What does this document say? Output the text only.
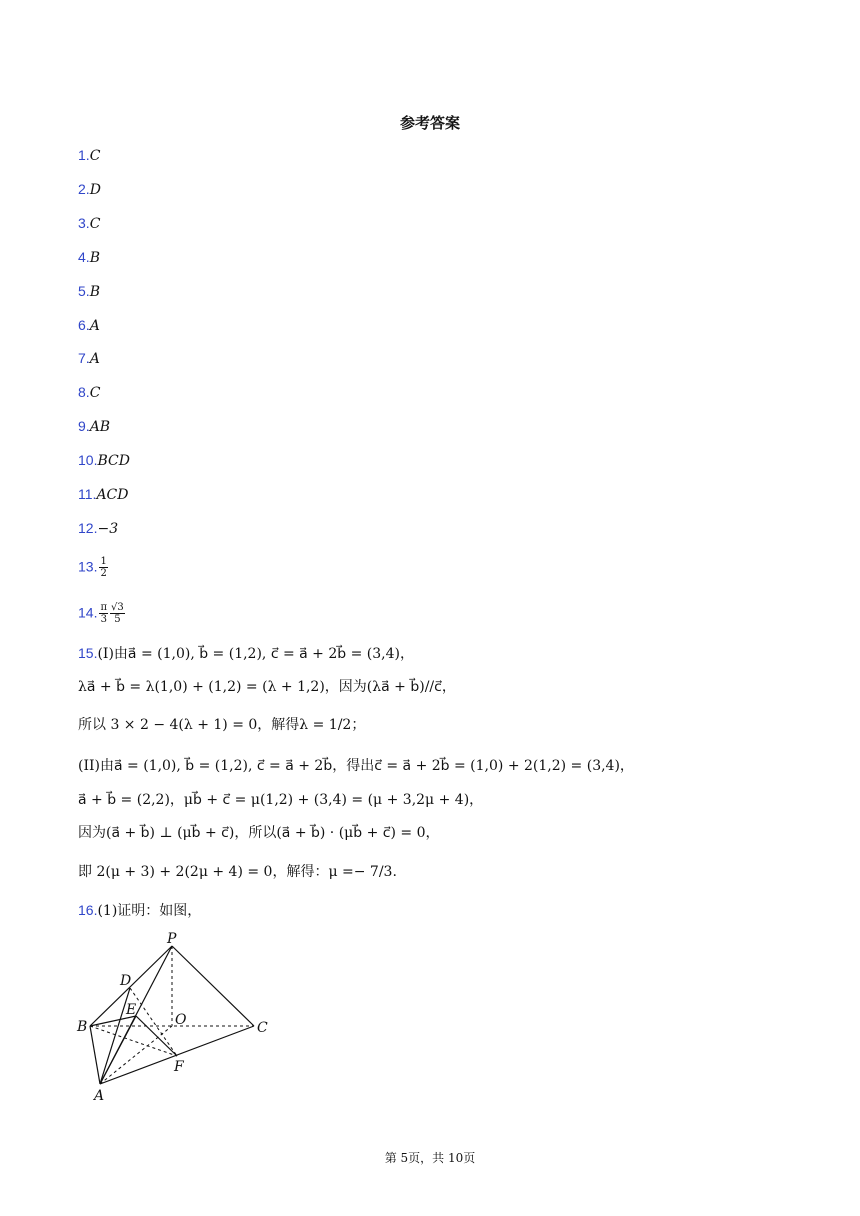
参考答案
1.C
2.D
3.C
4.B
5.B
6.A
7.A
8.C
9.AB
10.BCD
11.ACD
12.−3
13. $\frac{1}{2}$
14. $\frac{\pi}{3} \frac{√3}{5}$
15.(I)由a⃗ = (1,0), b⃗ = (1,2), c⃗ = a⃗ + 2b⃗ = (3,4)，
λa⃗ + b⃗ = λ(1,0) + (1,2) = (λ + 1,2)，因为(λa⃗ + b⃗)//c⃗，
所以 3 × 2 − 4(λ + 1) = 0，解得λ = 1/2；
(II)由a⃗ = (1,0), b⃗ = (1,2), c⃗ = a⃗ + 2b⃗，得出c⃗ = a⃗ + 2b⃗ = (1,0) + 2(1,2) = (3,4)，
a⃗ + b⃗ = (2,2)，μb⃗ + c⃗ = μ(1,2) + (3,4) = (μ + 3,2μ + 4)，
因为(a⃗ + b⃗) ⊥ (μb⃗ + c⃗)，所以(a⃗ + b⃗) · (μb⃗ + c⃗) = 0，
即 2(μ + 3) + 2(2μ + 4) = 0，解得：μ =− 7/3.
16.(1)证明：如图，
P
D
E
O
B	C
F
A
第 5页，共 10页
